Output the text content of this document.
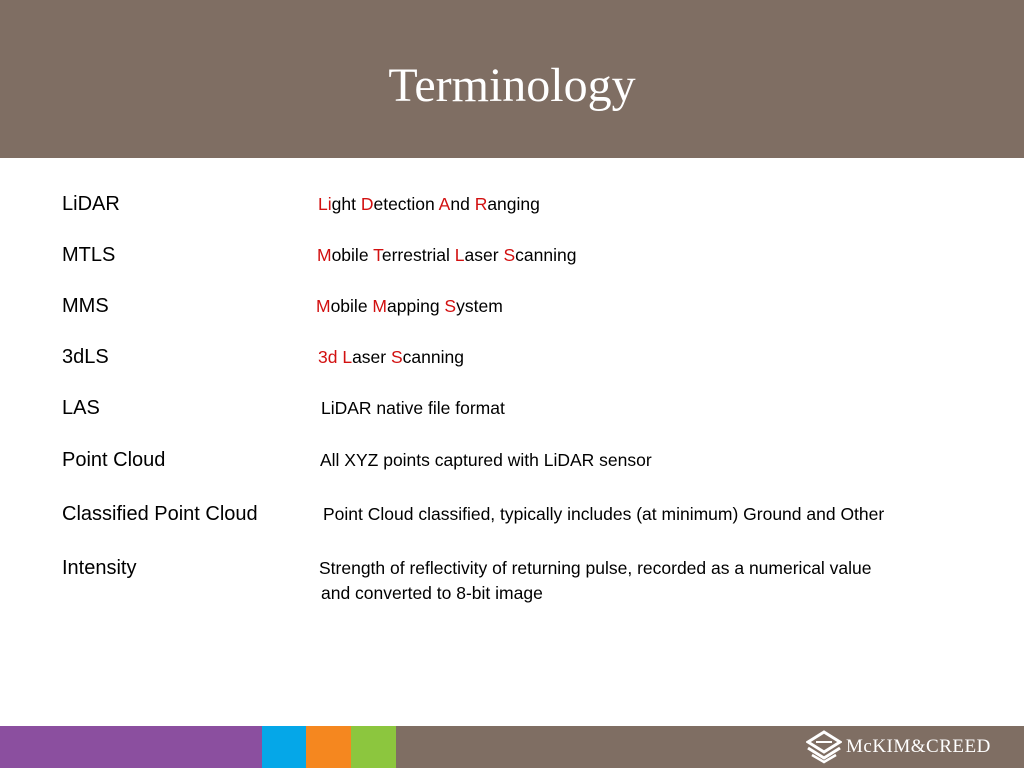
Terminology
LiDAR	Light Detection And Ranging
MTLS	Mobile Terrestrial Laser Scanning
MMS	Mobile Mapping System
3dLS	3d Laser Scanning
LAS	LiDAR native file format
Point Cloud	All XYZ points captured with LiDAR sensor
Classified Point Cloud	Point Cloud classified, typically includes (at minimum) Ground and Other
Intensity	Strength of reflectivity of returning pulse, recorded as a numerical value
and converted to 8-bit image
McKIM&CREED
